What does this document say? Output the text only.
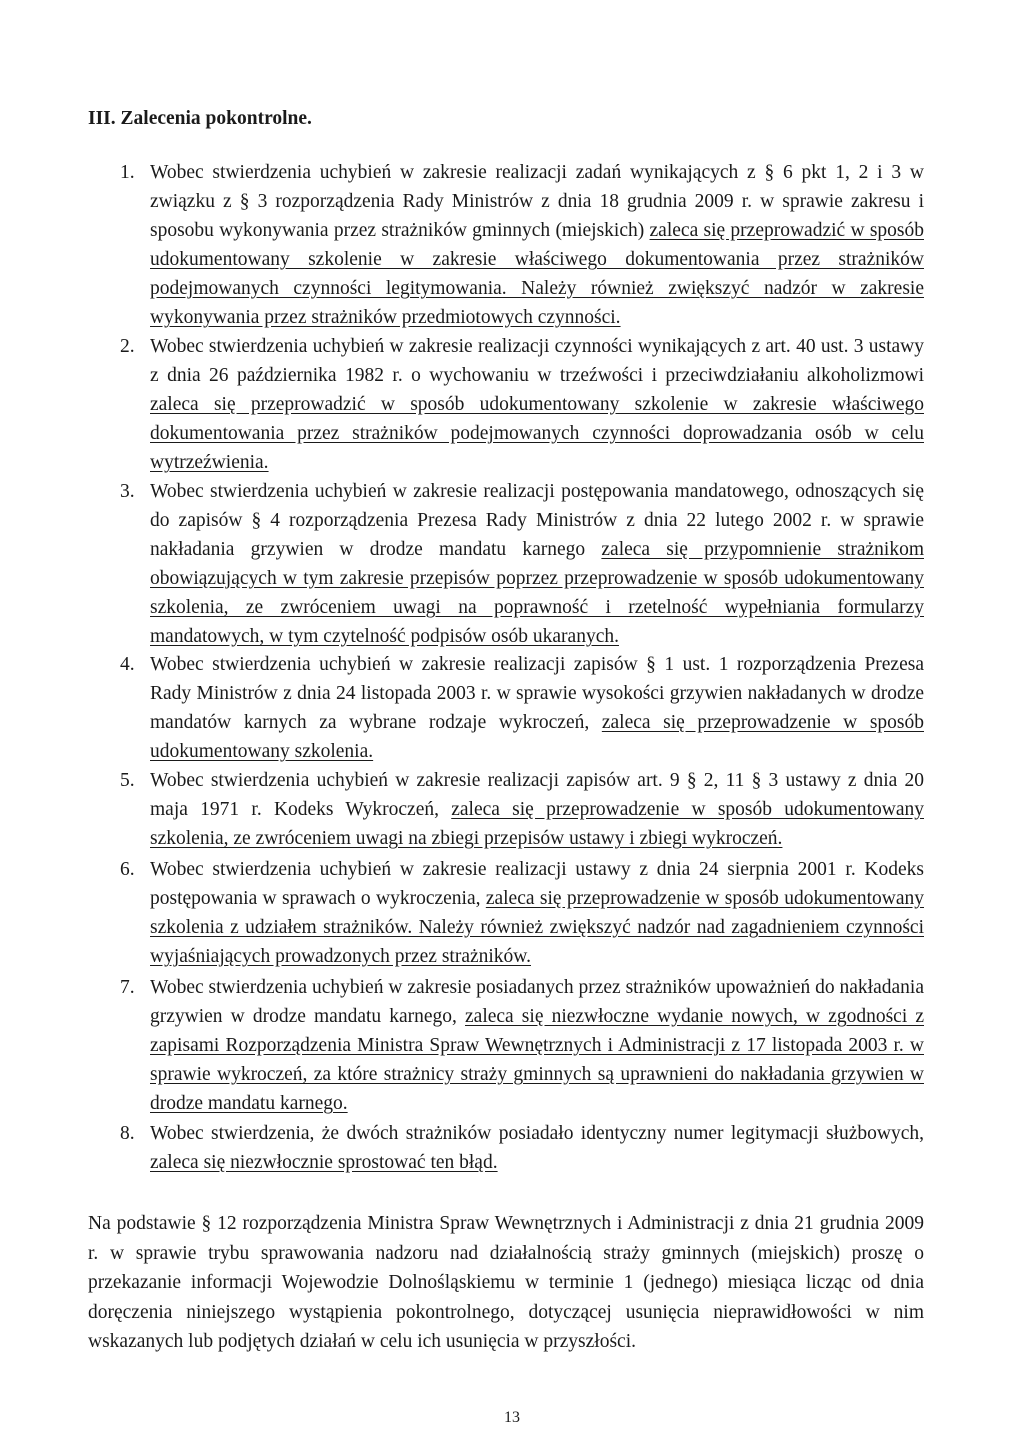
III. Zalecenia pokontrolne.
1. Wobec stwierdzenia uchybień w zakresie realizacji zadań wynikających z § 6 pkt 1, 2 i 3 w związku z § 3 rozporządzenia Rady Ministrów z dnia 18 grudnia 2009 r. w sprawie zakresu i sposobu wykonywania przez strażników gminnych (miejskich) zaleca się przeprowadzić w sposób udokumentowany szkolenie w zakresie właściwego dokumentowania przez strażników podejmowanych czynności legitymowania. Należy również zwiększyć nadzór w zakresie wykonywania przez strażników przedmiotowych czynności.
2. Wobec stwierdzenia uchybień w zakresie realizacji czynności wynikających z art. 40 ust. 3 ustawy z dnia 26 października 1982 r. o wychowaniu w trzeźwości i przeciwdziałaniu alkoholizmowi zaleca się przeprowadzić w sposób udokumentowany szkolenie w zakresie właściwego dokumentowania przez strażników podejmowanych czynności doprowadzania osób w celu wytrzeźwienia.
3. Wobec stwierdzenia uchybień w zakresie realizacji postępowania mandatowego, odnoszących się do zapisów § 4 rozporządzenia Prezesa Rady Ministrów z dnia 22 lutego 2002 r. w sprawie nakładania grzywien w drodze mandatu karnego zaleca się przypomnienie strażnikom obowiązujących w tym zakresie przepisów poprzez przeprowadzenie w sposób udokumentowany szkolenia, ze zwróceniem uwagi na poprawność i rzetelność wypełniania formularzy mandatowych, w tym czytelność podpisów osób ukaranych.
4. Wobec stwierdzenia uchybień w zakresie realizacji zapisów § 1 ust. 1 rozporządzenia Prezesa Rady Ministrów z dnia 24 listopada 2003 r. w sprawie wysokości grzywien nakładanych w drodze mandatów karnych za wybrane rodzaje wykroczeń, zaleca się przeprowadzenie w sposób udokumentowany szkolenia.
5. Wobec stwierdzenia uchybień w zakresie realizacji zapisów art. 9 § 2, 11 § 3 ustawy z dnia 20 maja 1971 r. Kodeks Wykroczeń, zaleca się przeprowadzenie w sposób udokumentowany szkolenia, ze zwróceniem uwagi na zbiegi przepisów ustawy i zbiegi wykroczeń.
6. Wobec stwierdzenia uchybień w zakresie realizacji ustawy z dnia 24 sierpnia 2001 r. Kodeks postępowania w sprawach o wykroczenia, zaleca się przeprowadzenie w sposób udokumentowany szkolenia z udziałem strażników. Należy również zwiększyć nadzór nad zagadnieniem czynności wyjaśniających prowadzonych przez strażników.
7. Wobec stwierdzenia uchybień w zakresie posiadanych przez strażników upoważnień do nakładania grzywien w drodze mandatu karnego, zaleca się niezwłoczne wydanie nowych, w zgodności z zapisami Rozporządzenia Ministra Spraw Wewnętrznych i Administracji z 17 listopada 2003 r. w sprawie wykroczeń, za które strażnicy straży gminnych są uprawnieni do nakładania grzywien w drodze mandatu karnego.
8. Wobec stwierdzenia, że dwóch strażników posiadało identyczny numer legitymacji służbowych, zaleca się niezwłocznie sprostować ten błąd.

Na podstawie § 12 rozporządzenia Ministra Spraw Wewnętrznych i Administracji z dnia 21 grudnia 2009 r. w sprawie trybu sprawowania nadzoru nad działalnością straży gminnych (miejskich) proszę o przekazanie informacji Wojewodzie Dolnośląskiemu w terminie 1 (jednego) miesiąca licząc od dnia doręczenia niniejszego wystąpienia pokontrolnego, dotyczącej usunięcia nieprawidłowości w nim wskazanych lub podjętych działań w celu ich usunięcia w przyszłości.

13
